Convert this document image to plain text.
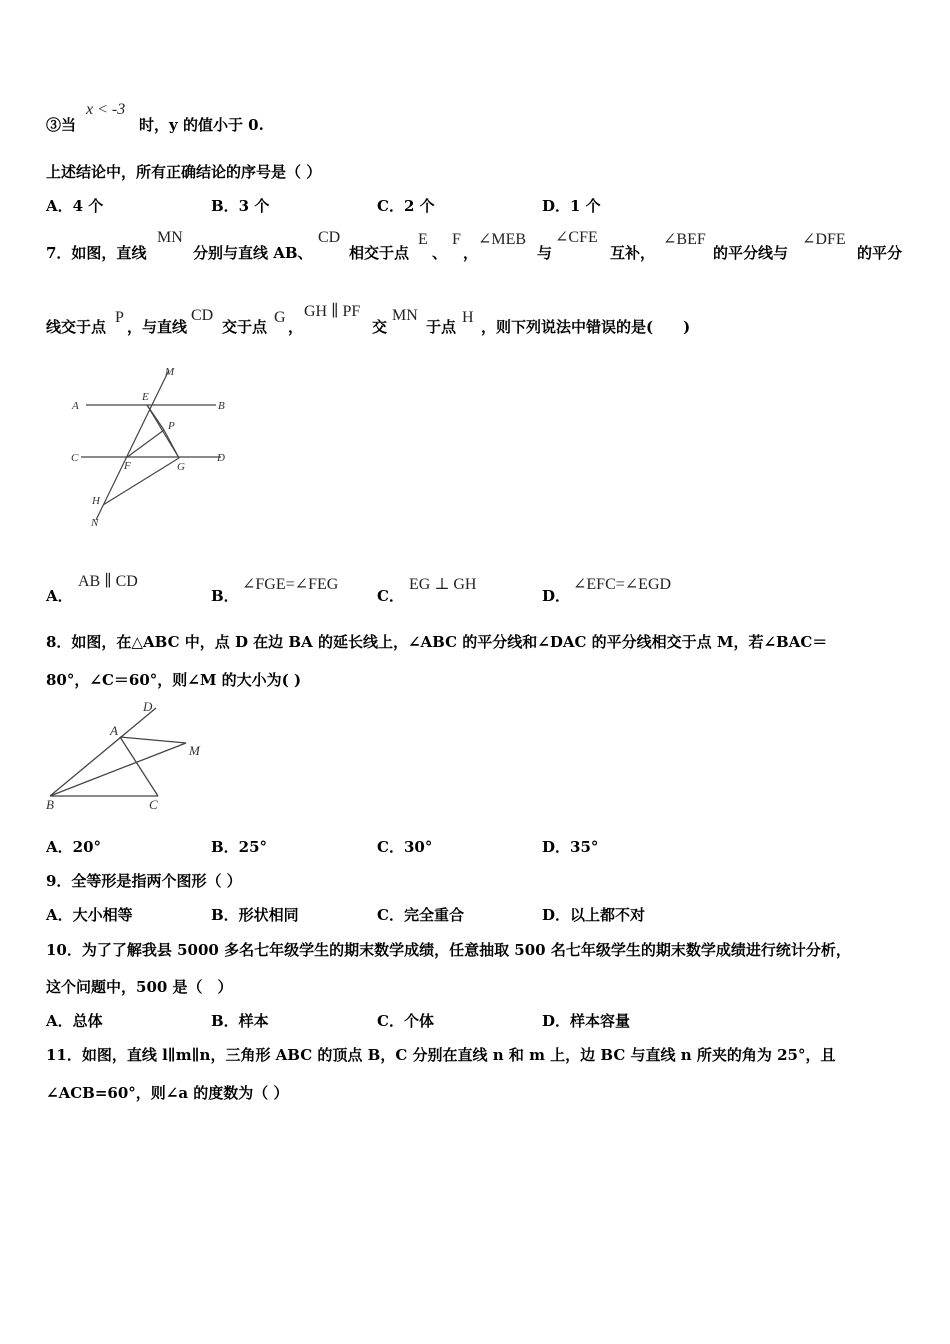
③当
x < -3
时，y 的值小于 0.
上述结论中，所有正确结论的序号是（ ）
A．4 个	B．3 个	C．2 个	D．1 个
7．如图，直线
MN
分别与直线 AB、
CD
相交于点
E
、
F
，
∠MEB
与
∠CFE
互补，
∠BEF
的平分线与
∠DFE
的平分
线交于点
P
，与直线
CD
交于点
G
，
GH ∥ PF
交
MN
于点
H
，则下列说法中错误的是(　　)
M
E
A	B
P
C
F	G
D
H
N
A．
AB ∥ CD
B．
∠FGE=∠FEG
C．
EG ⊥ GH
D．
∠EFC=∠EGD
8．如图，在△ABC 中，点 D 在边 BA 的延长线上，∠ABC 的平分线和∠DAC 的平分线相交于点 M，若∠BAC＝
80°，∠C＝60°，则∠M 的大小为( )
D
A
M
B	C
A．20°	B．25°	C．30°	D．35°
9．全等形是指两个图形（ ）
A．大小相等	B．形状相同	C．完全重合	D．以上都不对
10．为了了解我县 5000 多名七年级学生的期末数学成绩，任意抽取 500 名七年级学生的期末数学成绩进行统计分析，
这个问题中，500 是（　）
A．总体	B．样本	C．个体	D．样本容量
11．如图，直线 l∥m∥n，三角形 ABC 的顶点 B，C 分别在直线 n 和 m 上，边 BC 与直线 n 所夹的角为 25°，且
∠ACB=60°，则∠a 的度数为（ ）
